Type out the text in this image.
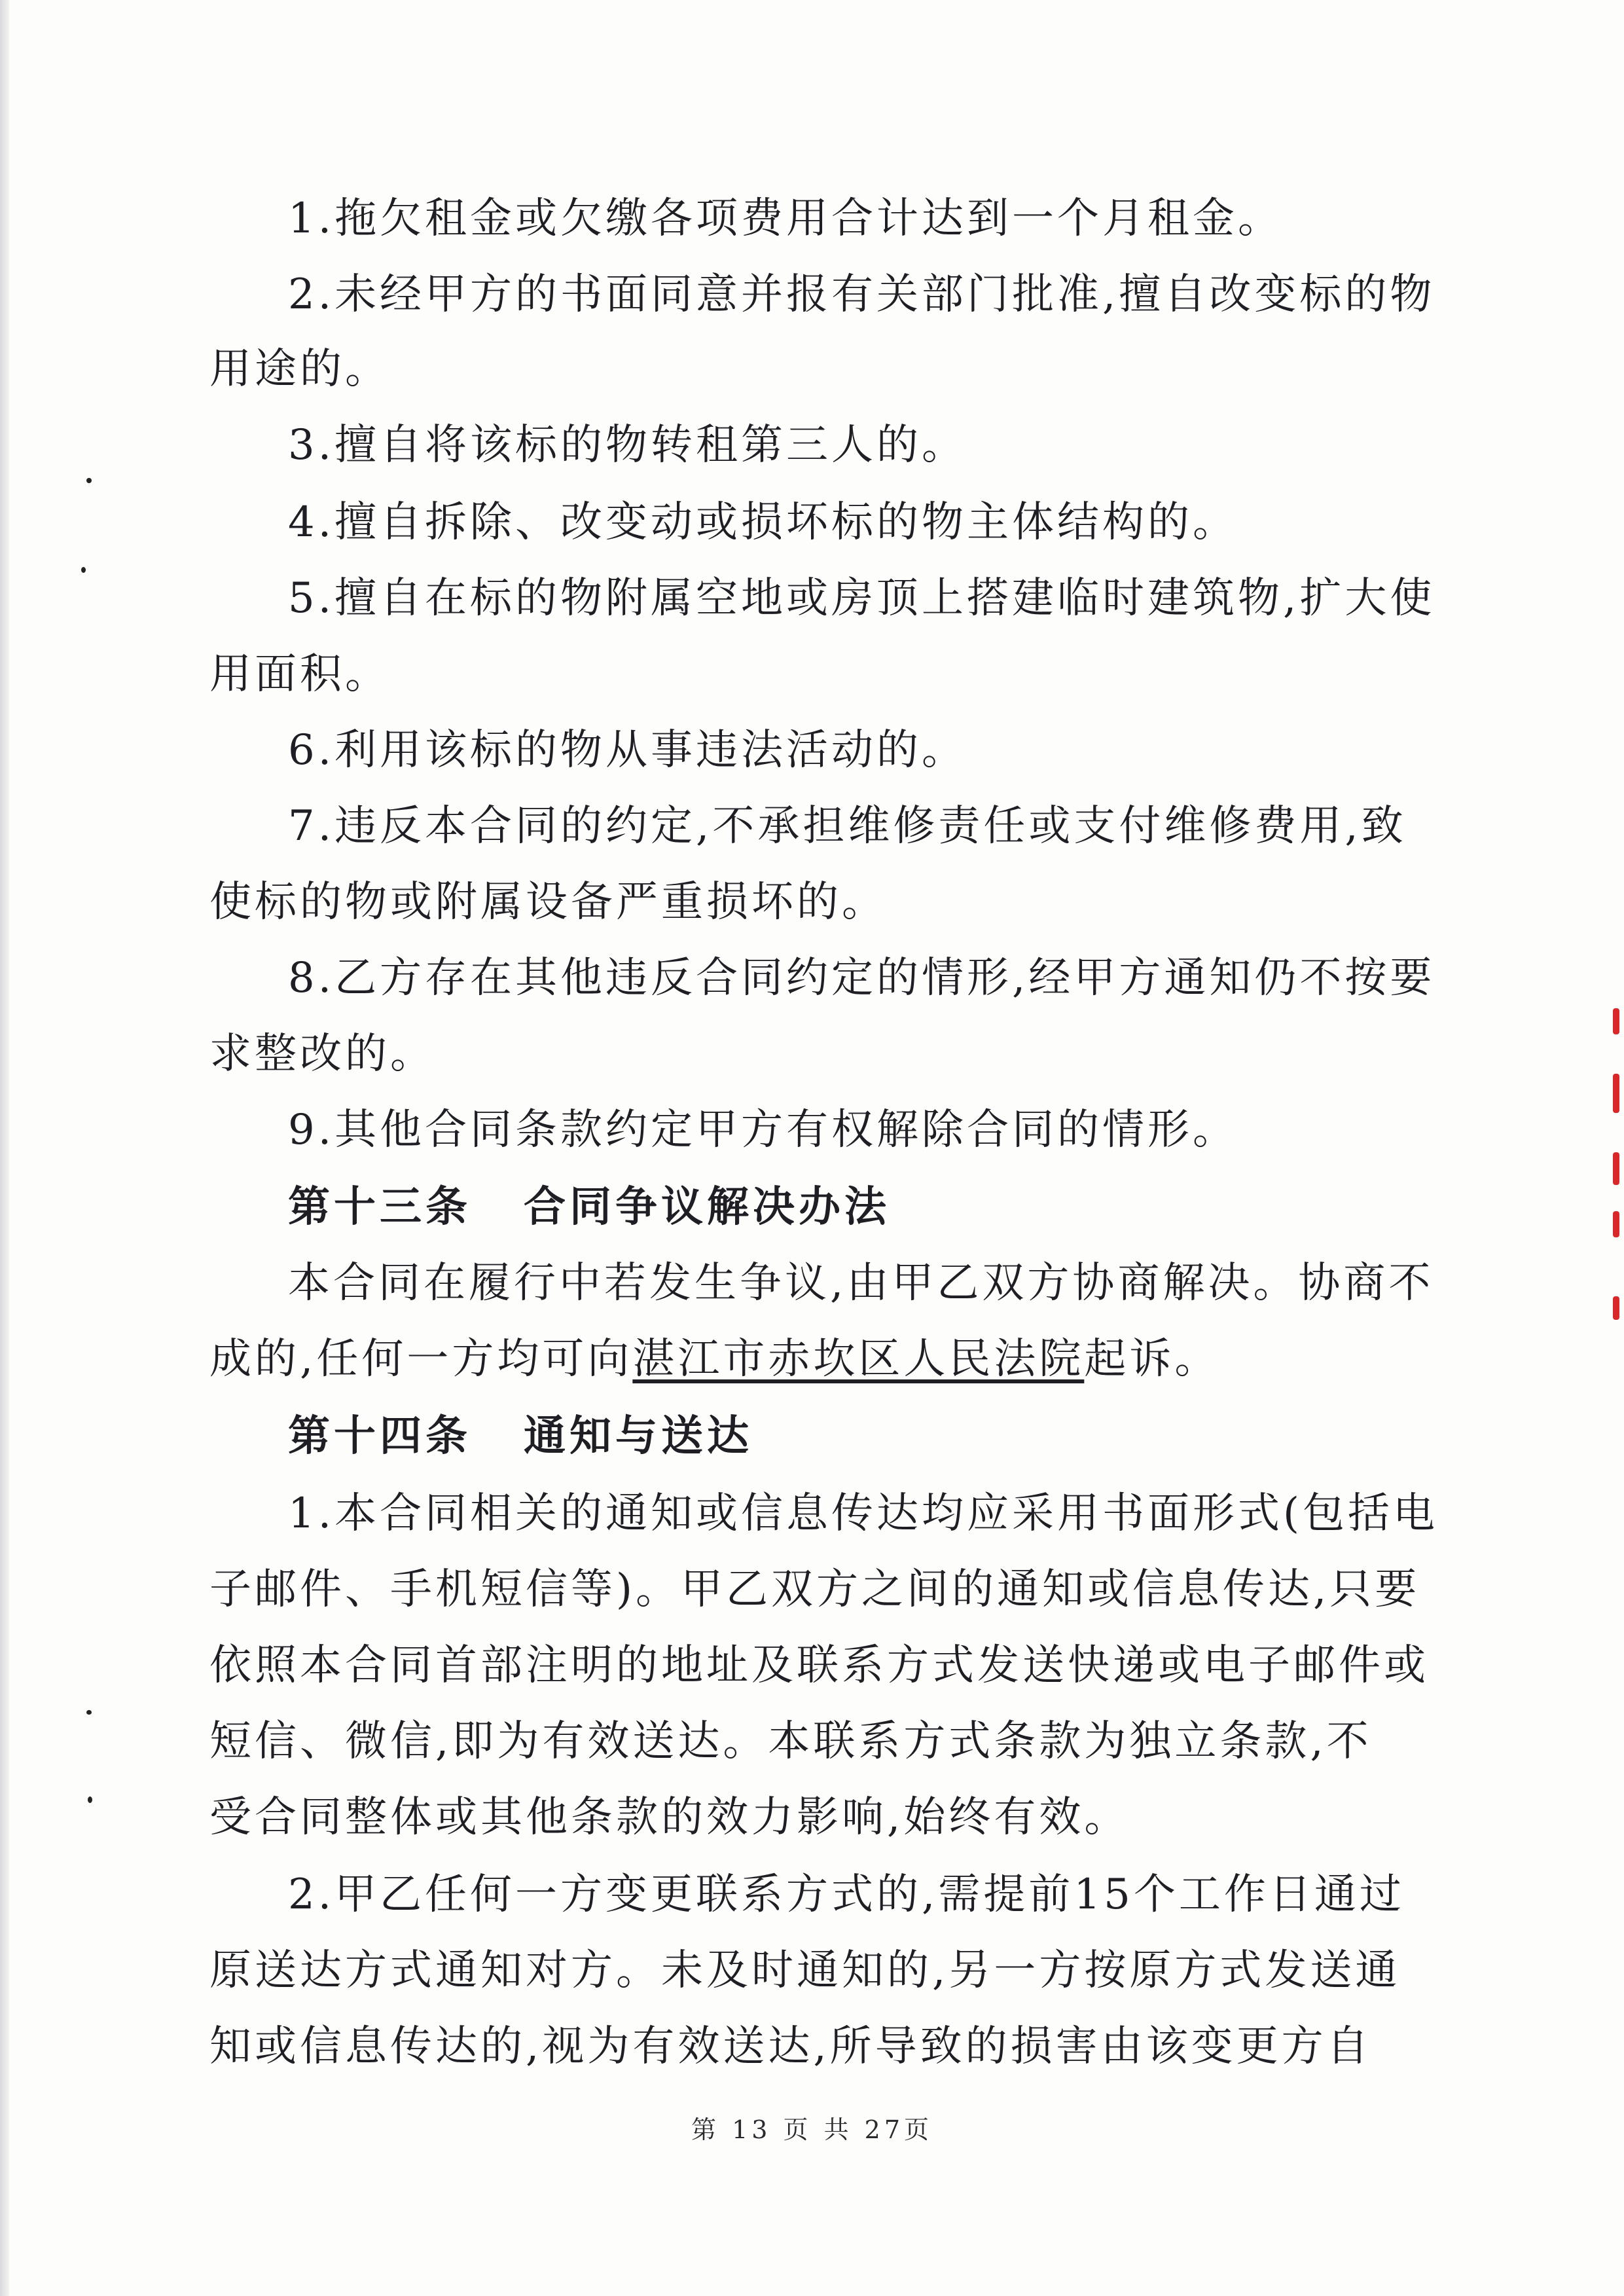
1.拖欠租金或欠缴各项费用合计达到一个月租金。
2.未经甲方的书面同意并报有关部门批准,擅自改变标的物
用途的。
3.擅自将该标的物转租第三人的。
4.擅自拆除、改变动或损坏标的物主体结构的。
5.擅自在标的物附属空地或房顶上搭建临时建筑物,扩大使
用面积。
6.利用该标的物从事违法活动的。
7.违反本合同的约定,不承担维修责任或支付维修费用,致
使标的物或附属设备严重损坏的。
8.乙方存在其他违反合同约定的情形,经甲方通知仍不按要
求整改的。
9.其他合同条款约定甲方有权解除合同的情形。
第十三条 合同争议解决办法
本合同在履行中若发生争议,由甲乙双方协商解决。协商不
成的,任何一方均可向湛江市赤坎区人民法院起诉。
第十四条 通知与送达
1.本合同相关的通知或信息传达均应采用书面形式(包括电
子邮件、手机短信等)。甲乙双方之间的通知或信息传达,只要
依照本合同首部注明的地址及联系方式发送快递或电子邮件或
短信、微信,即为有效送达。本联系方式条款为独立条款,不
受合同整体或其他条款的效力影响,始终有效。
2.甲乙任何一方变更联系方式的,需提前15个工作日通过
原送达方式通知对方。未及时通知的,另一方按原方式发送通
知或信息传达的,视为有效送达,所导致的损害由该变更方自
第 13 页 共 27页
